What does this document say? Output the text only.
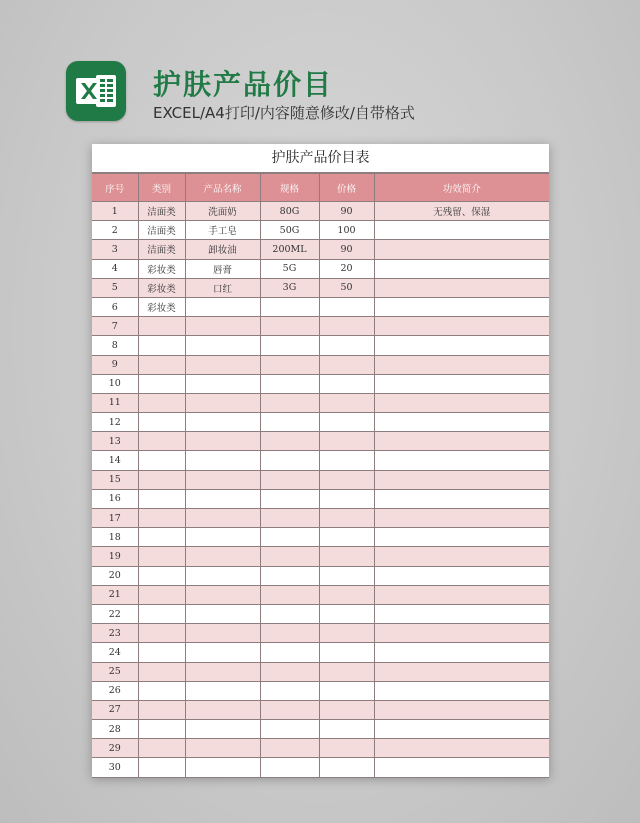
护肤产品价目
EXCEL/A4打印/内容随意修改/自带格式
护肤产品价目表
序号	类别	产品名称	规格	价格	功效简介
1	洁面类	洗面奶	80G	90	无残留、保湿
2	洁面类	手工皂	50G	100	
3	洁面类	卸妆油	200ML	90	
4	彩妆类	唇膏	5G	20	
5	彩妆类	口红	3G	50	
6	彩妆类				
7					
8					
9					
10					
11					
12					
13					
14					
15					
16					
17					
18					
19					
20					
21					
22					
23					
24					
25					
26					
27					
28					
29					
30					
